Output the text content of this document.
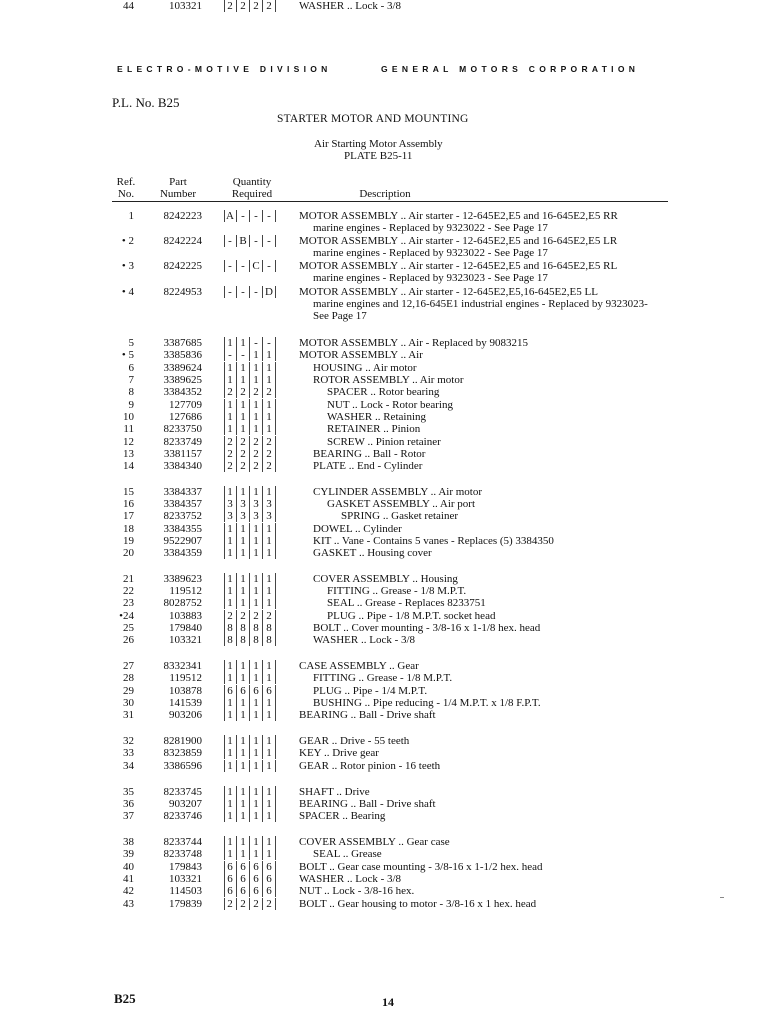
ELECTRO-MOTIVE DIVISION	GENERAL MOTORS CORPORATION
P.L. No. B25
STARTER MOTOR AND MOUNTING
Air Starting Motor Assembly
PLATE B25-11
Ref.
No.
Part
Number
Quantity
Required	Description
1	8242223 A - - -	MOTOR ASSEMBLY .. Air starter - 12-645E2,E5 and 16-645E2,E5 RR
marine engines - Replaced by 9323022 - See Page 17
• 2	8242224	- B - -	MOTOR ASSEMBLY .. Air starter - 12-645E2,E5 and 16-645E2,E5 LR
marine engines - Replaced by 9323022 - See Page 17
• 3	8242225	- - C -	MOTOR ASSEMBLY .. Air starter - 12-645E2,E5 and 16-645E2,E5 RL
marine engines - Replaced by 9323023 - See Page 17
• 4	8224953	- - - D MOTOR ASSEMBLY .. Air starter - 12-645E2,E5,16-645E2,E5 LL
marine engines and 12,16-645E1 industrial engines - Replaced by 9323023-
See Page 17
5	3387685 1 1 - -	MOTOR ASSEMBLY .. Air - Replaced by 9083215
• 5	3385836	- - 1 1 MOTOR ASSEMBLY .. Air
6	3389624 1 1 1 1	HOUSING .. Air motor
7	3389625 1 1 1 1	ROTOR ASSEMBLY .. Air motor
8	3384352 2 2 2 2	SPACER .. Rotor bearing
9	127709 1 1 1 1	NUT .. Lock - Rotor bearing
10	127686 1 1 1 1	WASHER .. Retaining
11	8233750 1 1 1 1	RETAINER .. Pinion
12	8233749 2 2 2 2	SCREW .. Pinion retainer
13	3381157 2 2 2 2	BEARING .. Ball - Rotor
14	3384340 2 2 2 2	PLATE .. End - Cylinder
15	3384337 1 1 1 1	CYLINDER ASSEMBLY .. Air motor
16	3384357 3 3 3 3	GASKET ASSEMBLY .. Air port
17	8233752 3 3 3 3	SPRING .. Gasket retainer
18	3384355 1 1 1 1	DOWEL .. Cylinder
19	9522907 1 1 1 1	KIT .. Vane - Contains 5 vanes - Replaces (5) 3384350
20	3384359 1 1 1 1	GASKET .. Housing cover
21	3389623 1 1 1 1	COVER ASSEMBLY .. Housing
22	119512 1 1 1 1	FITTING .. Grease - 1/8 M.P.T.
23	8028752 1 1 1 1	SEAL .. Grease - Replaces 8233751
•24	103883 2 2 2 2	PLUG .. Pipe - 1/8 M.P.T. socket head
25	179840 8 8 8 8	BOLT .. Cover mounting - 3/8-16 x 1-1/8 hex. head
26	103321 8 8 8 8	WASHER .. Lock - 3/8
27	8332341 1 1 1 1 CASE ASSEMBLY .. Gear
28	119512 1 1 1 1	FITTING .. Grease - 1/8 M.P.T.
29	103878 6 6 6 6	PLUG .. Pipe - 1/4 M.P.T.
30	141539 1 1 1 1	BUSHING .. Pipe reducing - 1/4 M.P.T. x 1/8 F.P.T.
31	903206 1 1 1 1 BEARING .. Ball - Drive shaft
32	8281900 1 1 1 1 GEAR .. Drive - 55 teeth
33	8323859 1 1 1 1 KEY .. Drive gear
34	3386596 1 1 1 1 GEAR .. Rotor pinion - 16 teeth
35	8233745 1 1 1 1 SHAFT .. Drive
36	903207 1 1 1 1 BEARING .. Ball - Drive shaft
37	8233746 1 1 1 1 SPACER .. Bearing
38	8233744 1 1 1 1 COVER ASSEMBLY .. Gear case
39	8233748 1 1 1 1	SEAL .. Grease
40	179843 6 6 6 6 BOLT .. Gear case mounting - 3/8-16 x 1-1/2 hex. head
41	103321 6 6 6 6 WASHER .. Lock - 3/8
42	114503 6 6 6 6 NUT .. Lock - 3/8-16 hex.
43	179839 2 2 2 2 BOLT .. Gear housing to motor - 3/8-16 x 1 hex. head
44	103321 2 2 2 2 WASHER .. Lock - 3/8
B25	14
